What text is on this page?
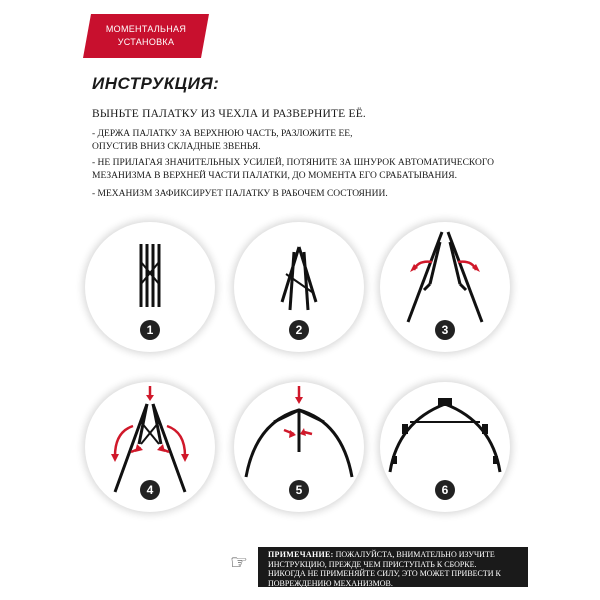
МОМЕНТАЛЬНАЯ
УСТАНОВКА
ИНСТРУКЦИЯ:
ВЫНЬТЕ ПАЛАТКУ ИЗ ЧЕХЛА И РАЗВЕРНИТЕ ЕЁ.
- ДЕРЖА ПАЛАТКУ ЗА ВЕРХНЮЮ ЧАСТЬ, РАЗЛОЖИТЕ ЕЕ,
ОПУСТИВ ВНИЗ СКЛАДНЫЕ ЗВЕНЬЯ.
- НЕ ПРИЛАГАЯ ЗНАЧИТЕЛЬНЫХ УСИЛЕЙ, ПОТЯНИТЕ ЗА ШНУРОК АВТОМАТИЧЕСКОГО
МЕЗАНИЗМА В ВЕРХНЕЙ ЧАСТИ ПАЛАТКИ, ДО МОМЕНТА ЕГО СРАБАТЫВАНИЯ.
- МЕХАНИЗМ ЗАФИКСИРУЕТ ПАЛАТКУ В РАБОЧЕМ СОСТОЯНИИ.
1	2	3
4	5	6
☞	ПРИМЕЧАНИЕ: ПОЖАЛУЙСТА, ВНИМАТЕЛЬНО ИЗУЧИТЕ
ИНСТРУКЦИЮ, ПРЕЖДЕ ЧЕМ ПРИСТУПАТЬ К СБОРКЕ.
НИКОГДА НЕ ПРИМЕНЯЙТЕ СИЛУ, ЭТО МОЖЕТ ПРИВЕСТИ К
ПОВРЕЖДЕНИЮ МЕХАНИЗМОВ.
